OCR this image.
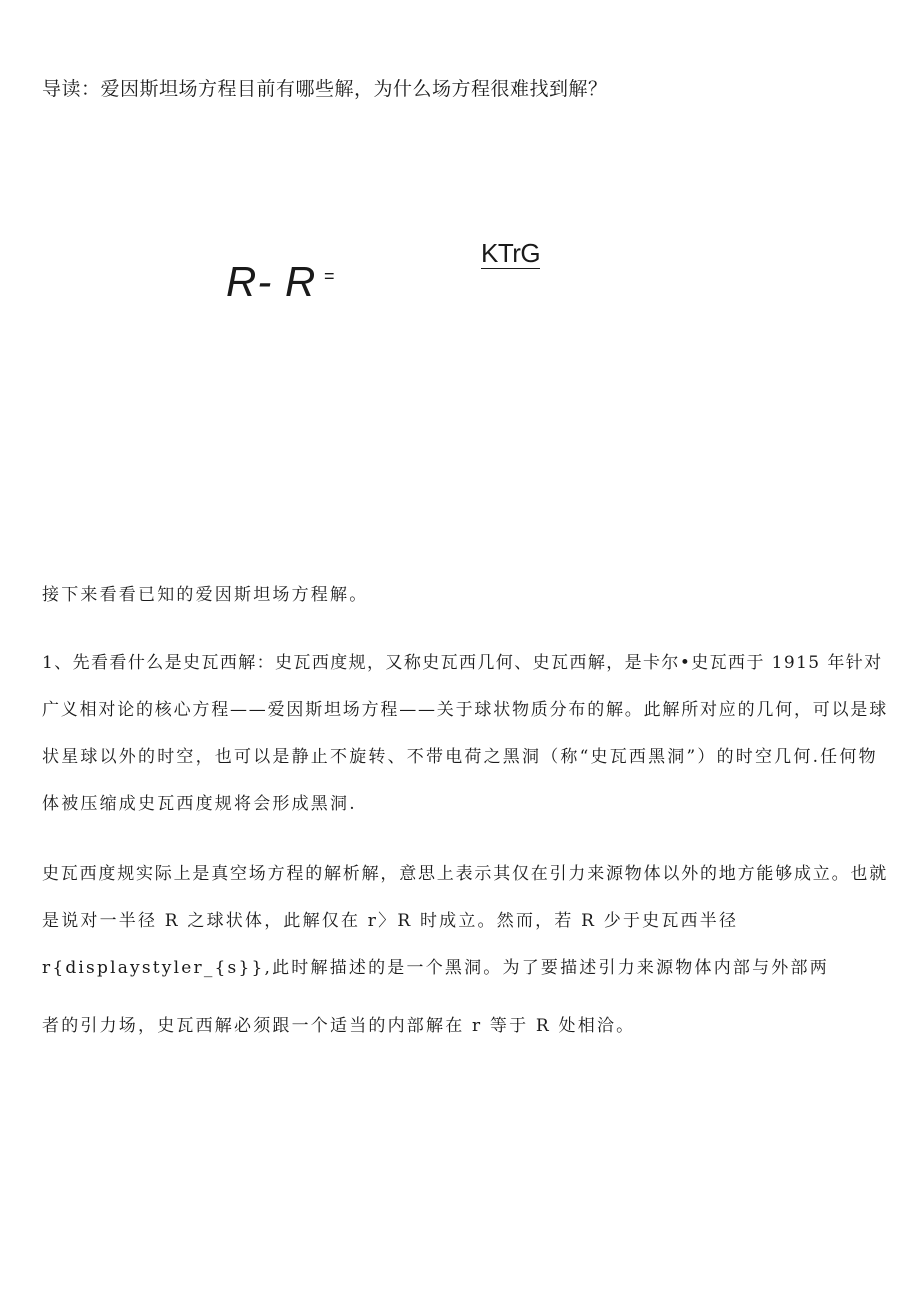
导读：爱因斯坦场方程目前有哪些解，为什么场方程很难找到解？
R- R =
KTrG
接下来看看已知的爱因斯坦场方程解。
1、先看看什么是史瓦西解：史瓦西度规，又称史瓦西几何、史瓦西解，是卡尔•史瓦西于 1915 年针对
广义相对论的核心方程——爱因斯坦场方程——关于球状物质分布的解。此解所对应的几何，可以是球
状星球以外的时空，也可以是静止不旋转、不带电荷之黑洞（称“史瓦西黑洞”）的时空几何.任何物
体被压缩成史瓦西度规将会形成黑洞.
史瓦西度规实际上是真空场方程的解析解，意思上表示其仅在引力来源物体以外的地方能够成立。也就
是说对一半径 R 之球状体，此解仅在 r〉R 时成立。然而，若 R 少于史瓦西半径
r{displaystyler_{s}},此时解描述的是一个黑洞。为了要描述引力来源物体内部与外部两
者的引力场，史瓦西解必须跟一个适当的内部解在 r 等于 R 处相洽。
